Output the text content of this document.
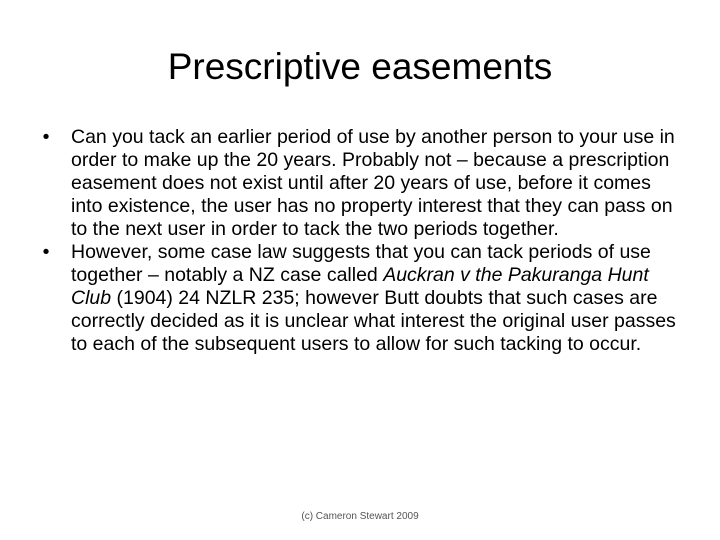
Prescriptive easements
•	Can you tack an earlier period of use by another person to your use in order to make up the 20 years. Probably not – because a prescription easement does not exist until after 20 years of use, before it comes into existence, the user has no property interest that they can pass on to the next user in order to tack the two periods together.
•	However, some case law suggests that you can tack periods of use together – notably a NZ case called Auckran v the Pakuranga Hunt Club (1904) 24 NZLR 235; however Butt doubts that such cases are correctly decided as it is unclear what interest the original user passes to each of the subsequent users to allow for such tacking to occur.
(c) Cameron Stewart 2009
